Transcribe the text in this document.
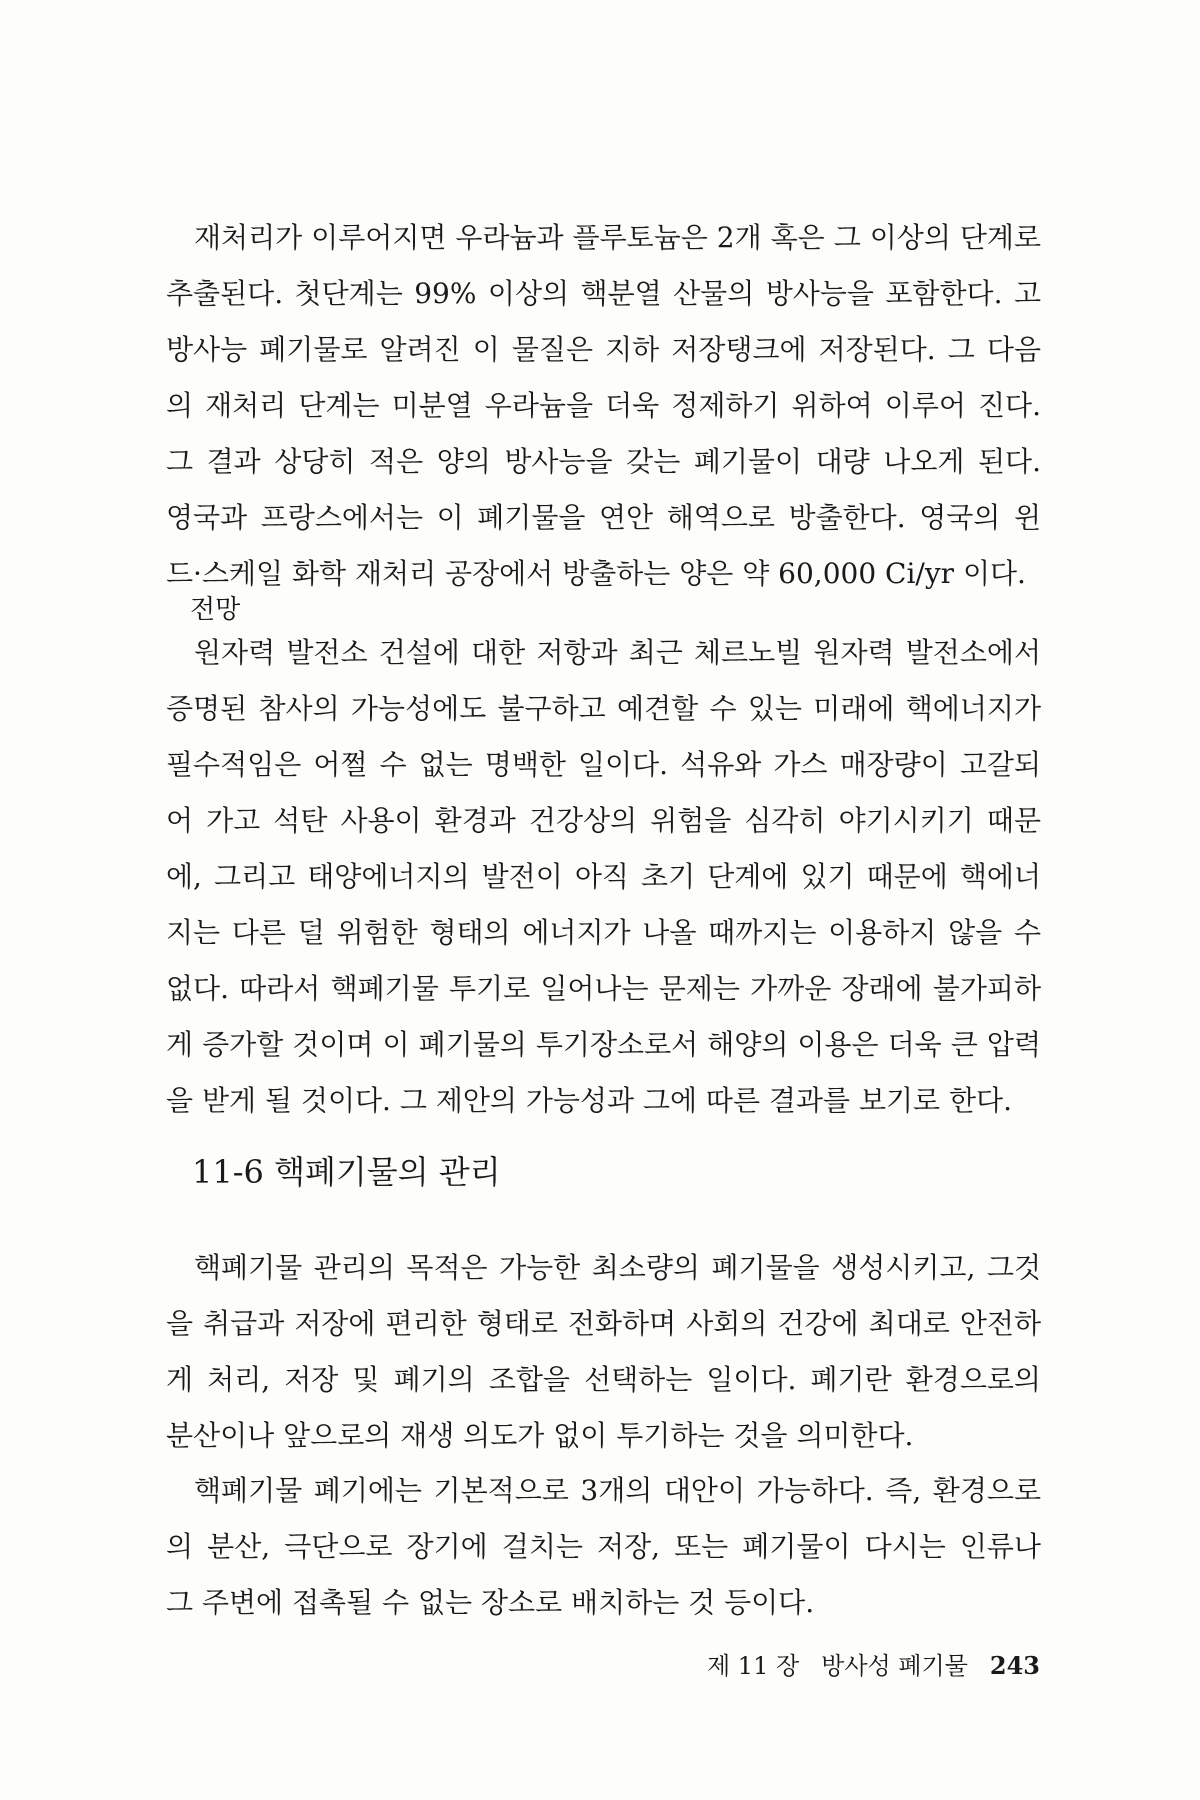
재처리가 이루어지면 우라늄과 플루토늄은 2개 혹은 그 이상의 단계로
추출된다. 첫단계는 99% 이상의 핵분열 산물의 방사능을 포함한다. 고
방사능 폐기물로 알려진 이 물질은 지하 저장탱크에 저장된다. 그 다음
의 재처리 단계는 미분열 우라늄을 더욱 정제하기 위하여 이루어 진다.
그 결과 상당히 적은 양의 방사능을 갖는 폐기물이 대량 나오게 된다.
영국과 프랑스에서는 이 폐기물을 연안 해역으로 방출한다. 영국의 윈
드·스케일 화학 재처리 공장에서 방출하는 양은 약 60,000 Ci/yr 이다.
전망
원자력 발전소 건설에 대한 저항과 최근 체르노빌 원자력 발전소에서
증명된 참사의 가능성에도 불구하고 예견할 수 있는 미래에 핵에너지가
필수적임은 어쩔 수 없는 명백한 일이다. 석유와 가스 매장량이 고갈되
어 가고 석탄 사용이 환경과 건강상의 위험을 심각히 야기시키기 때문
에, 그리고 태양에너지의 발전이 아직 초기 단계에 있기 때문에 핵에너
지는 다른 덜 위험한 형태의 에너지가 나올 때까지는 이용하지 않을 수
없다. 따라서 핵폐기물 투기로 일어나는 문제는 가까운 장래에 불가피하
게 증가할 것이며 이 폐기물의 투기장소로서 해양의 이용은 더욱 큰 압력
을 받게 될 것이다. 그 제안의 가능성과 그에 따른 결과를 보기로 한다.
11-6 핵폐기물의 관리
핵폐기물 관리의 목적은 가능한 최소량의 폐기물을 생성시키고, 그것
을 취급과 저장에 편리한 형태로 전화하며 사회의 건강에 최대로 안전하
게 처리, 저장 및 폐기의 조합을 선택하는 일이다. 폐기란 환경으로의
분산이나 앞으로의 재생 의도가 없이 투기하는 것을 의미한다.
핵폐기물 폐기에는 기본적으로 3개의 대안이 가능하다. 즉, 환경으로
의 분산, 극단으로 장기에 걸치는 저장, 또는 폐기물이 다시는 인류나
그 주변에 접촉될 수 없는 장소로 배치하는 것 등이다.
제 11 장 방사성 폐기물 243
